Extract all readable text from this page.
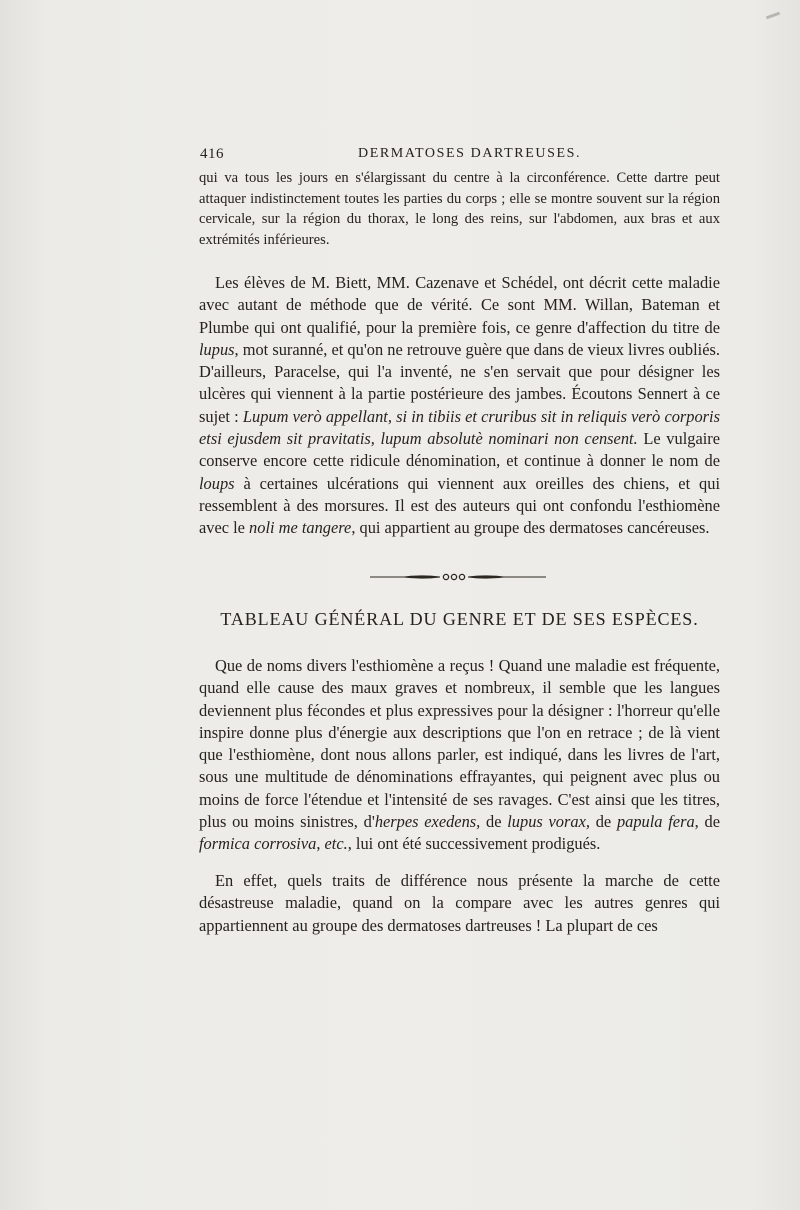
416	DERMATOSES DARTREUSES.

qui va tous les jours en s'élargissant du centre à la circonférence. Cette dartre peut attaquer indistinctement toutes les parties du corps ; elle se montre souvent sur la région cervicale, sur la région du thorax, le long des reins, sur l'abdomen, aux bras et aux extrémités inférieures.

Les élèves de M. Biett, MM. Cazenave et Schédel, ont décrit cette maladie avec autant de méthode que de vérité. Ce sont MM. Willan, Bateman et Plumbe qui ont qualifié, pour la première fois, ce genre d'affection du titre de lupus, mot suranné, et qu'on ne retrouve guère que dans de vieux livres oubliés. D'ailleurs, Paracelse, qui l'a inventé, ne s'en servait que pour désigner les ulcères qui viennent à la partie postérieure des jambes. Écoutons Sennert à ce sujet : Lupum verò appellant, si in tibiis et cruribus sit in reliquis verò corporis etsi ejusdem sit pravitatis, lupum absolutè nominari non censent. Le vulgaire conserve encore cette ridicule dénomination, et continue à donner le nom de loups à certaines ulcérations qui viennent aux oreilles des chiens, et qui ressemblent à des morsures. Il est des auteurs qui ont confondu l'esthiomène avec le noli me tangere, qui appartient au groupe des dermatoses cancéreuses.

TABLEAU GÉNÉRAL DU GENRE ET DE SES ESPÈCES.

Que de noms divers l'esthiomène a reçus ! Quand une maladie est fréquente, quand elle cause des maux graves et nombreux, il semble que les langues deviennent plus fécondes et plus expressives pour la désigner : l'horreur qu'elle inspire donne plus d'énergie aux descriptions que l'on en retrace ; de là vient que l'esthiomène, dont nous allons parler, est indiqué, dans les livres de l'art, sous une multitude de dénominations effrayantes, qui peignent avec plus ou moins de force l'étendue et l'intensité de ses ravages. C'est ainsi que les titres, plus ou moins sinistres, d'herpes exedens, de lupus vorax, de papula fera, de formica corrosiva, etc., lui ont été successivement prodigués.

En effet, quels traits de différence nous présente la marche de cette désastreuse maladie, quand on la compare avec les autres genres qui appartiennent au groupe des dermatoses dartreuses ! La plupart de ces
